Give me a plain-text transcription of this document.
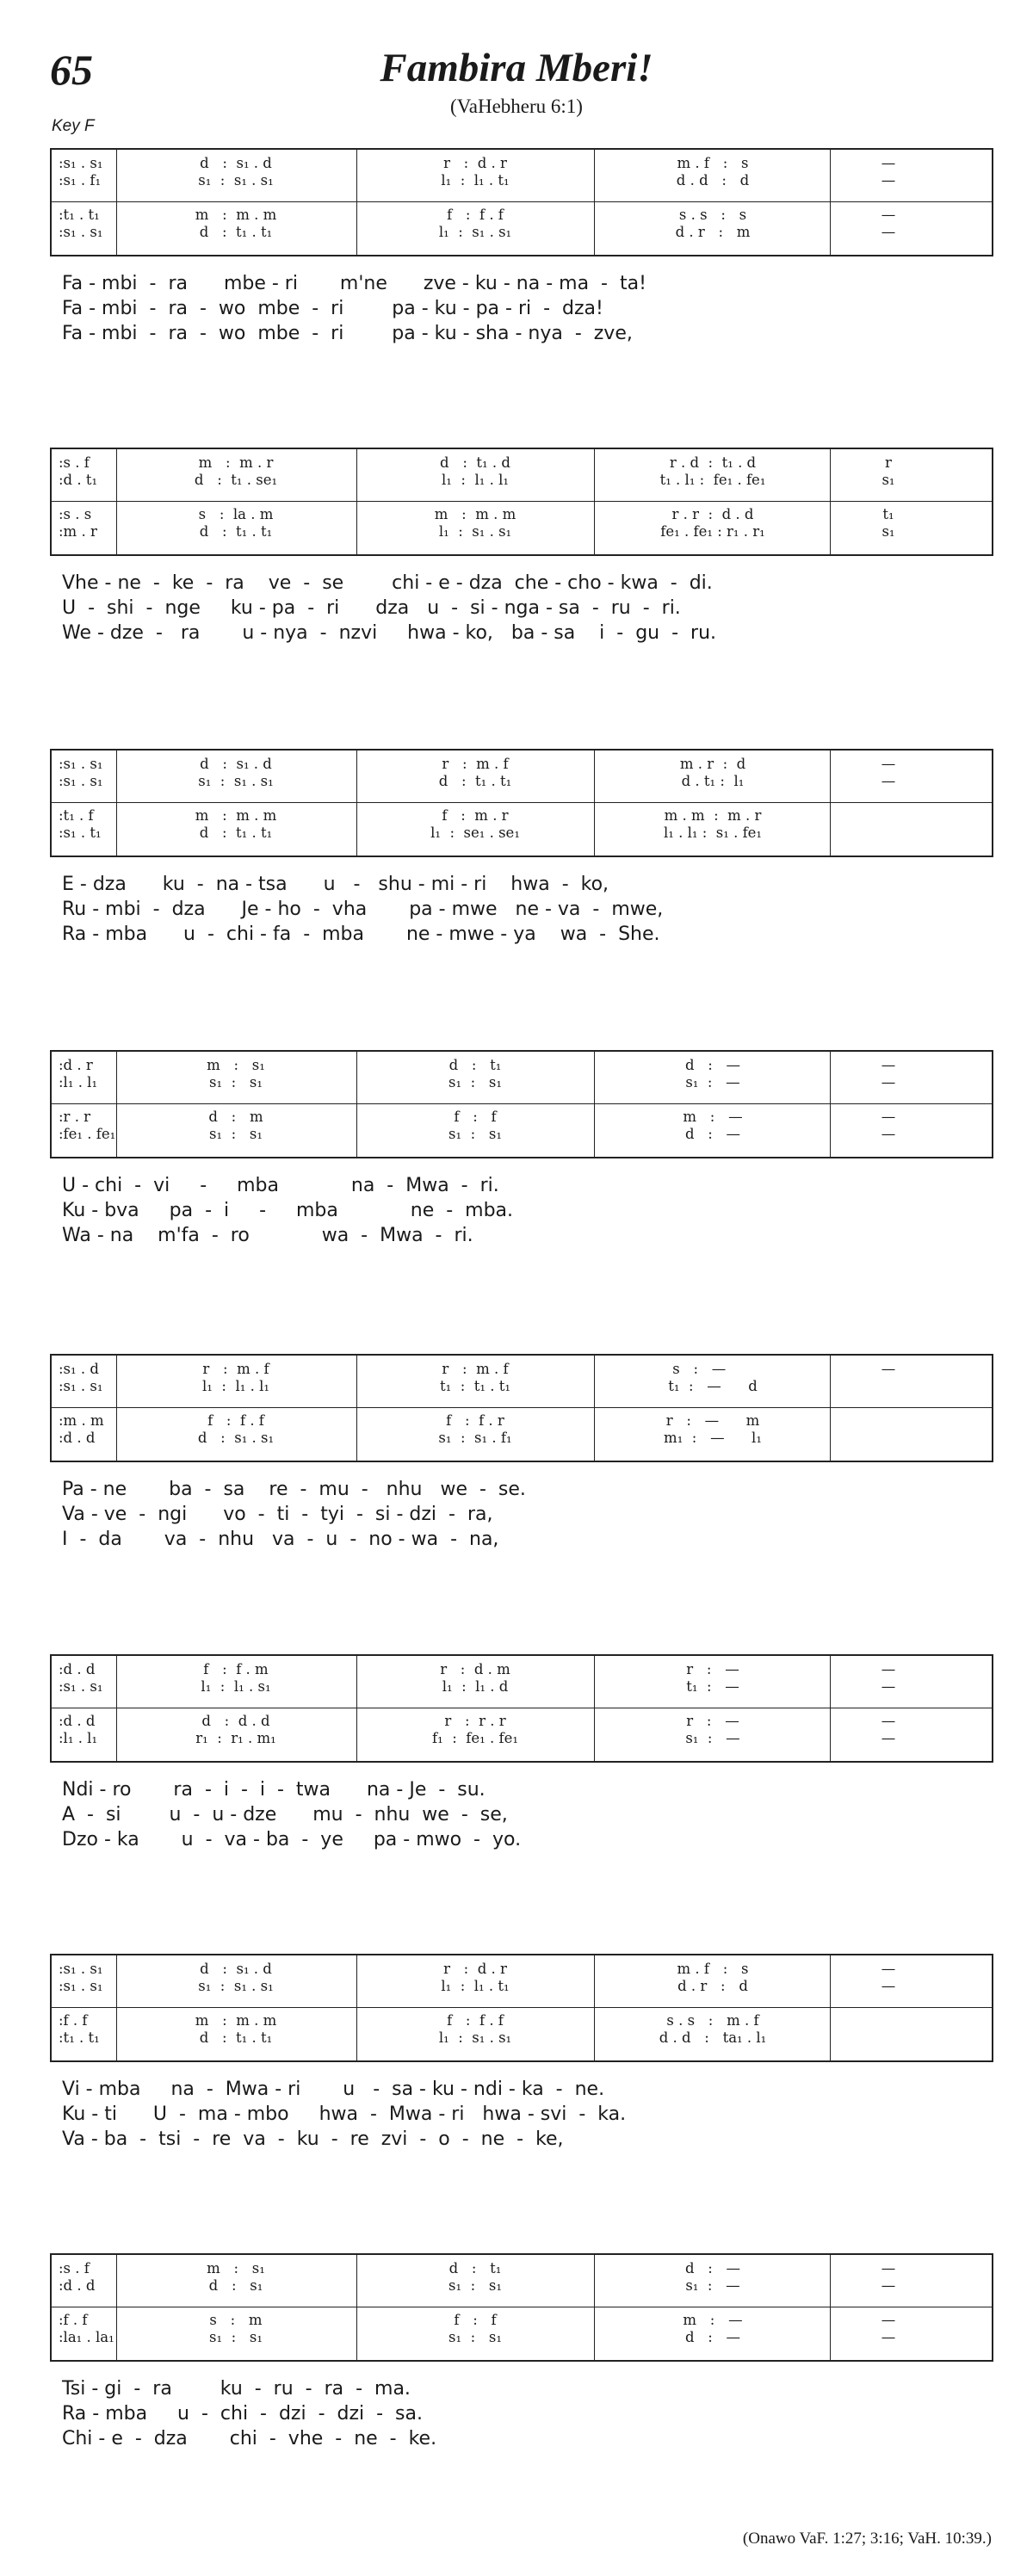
65	Fambira Mberi!
(VaHebheru 6:1)
Key F
:s₁ . s₁
:s₁ . f₁

:t₁ . t₁
:s₁ . s₁
d   :  s₁ . d
s₁  :  s₁ . s₁

m   :  m . m
d   :  t₁ . t₁
r   :  d . r
l₁  :  l₁ . t₁

f   :  f . f
l₁  :  s₁ . s₁
m . f   :   s
d . d   :   d

s . s   :   s
d . r   :   m
—
—

—
—
Fa - mbi  -  ra      mbe - ri       m'ne      zve - ku - na - ma  -  ta!
Fa - mbi  -  ra  -  wo  mbe  -  ri        pa - ku - pa - ri  -  dza!
Fa - mbi  -  ra  -  wo  mbe  -  ri        pa - ku - sha - nya  -  zve,
:s . f
:d . t₁

:s . s
:m . r
m   :  m . r
d   :  t₁ . se₁

s   :  la . m
d   :  t₁ . t₁
d   :  t₁ . d
l₁  :  l₁ . l₁

m   :  m . m
l₁  :  s₁ . s₁
r . d  :  t₁ . d
t₁ . l₁ :  fe₁ . fe₁

r . r  :  d . d
fe₁ . fe₁ : r₁ . r₁
r
s₁

t₁
s₁
Vhe - ne  -  ke  -  ra    ve  -  se        chi - e - dza  che - cho - kwa  -  di.
U  -  shi  -  nge     ku - pa  -  ri      dza   u  -  si - nga - sa  -  ru  -  ri.
We - dze  -   ra       u - nya  -  nzvi     hwa - ko,   ba - sa    i  -  gu  -  ru.
:s₁ . s₁
:s₁ . s₁

:t₁ . f
:s₁ . t₁
d   :  s₁ . d
s₁  :  s₁ . s₁

m   :  m . m
d   :  t₁ . t₁
r   :  m . f
d   :  t₁ . t₁

f   :  m . r
l₁  :  se₁ . se₁
m . r  :  d
d . t₁ :  l₁

m . m  :  m . r
l₁ . l₁ :  s₁ . fe₁
—
—

E - dza      ku  -  na - tsa      u   -   shu - mi - ri    hwa  -  ko,
Ru - mbi  -  dza      Je - ho  -  vha       pa - mwe   ne - va  -  mwe,
Ra - mba      u  -  chi - fa  -  mba       ne - mwe - ya    wa  -  She.
:d . r
:l₁ . l₁

:r . r
:fe₁ . fe₁
m   :   s₁
s₁  :   s₁

d   :   m
s₁  :   s₁
d   :   t₁
s₁  :   s₁

f   :   f
s₁  :   s₁
d   :   —
s₁  :   —

m   :   —
d   :   —
—
—

—
—
U - chi  -  vi     -     mba            na  -  Mwa  -  ri.
Ku - bva     pa  -  i     -     mba            ne  -  mba.
Wa - na    m'fa  -  ro            wa  -  Mwa  -  ri.
:s₁ . d
:s₁ . s₁

:m . m
:d . d
r   :  m . f
l₁  :  l₁ . l₁

f   :  f . f
d   :  s₁ . s₁
r   :  m . f
t₁  :  t₁ . t₁

f   :  f . r
s₁  :  s₁ . f₁
s   :   —
t₁  :   —      d

r   :   —      m
m₁  :   —      l₁
—

Pa - ne       ba  -  sa    re  -  mu  -   nhu   we  -  se.
Va - ve  -  ngi      vo  -  ti  -  tyi  -  si - dzi  -  ra,
I  -  da       va  -  nhu   va  -  u  -  no - wa  -  na,
:d . d
:s₁ . s₁

:d . d
:l₁ . l₁
f   :  f . m
l₁  :  l₁ . s₁

d   :  d . d
r₁  :  r₁ . m₁
r   :  d . m
l₁  :  l₁ . d

r   :  r . r
f₁  :  fe₁ . fe₁
r   :   —
t₁  :   —

r   :   —
s₁  :   —
—
—

—
—
Ndi - ro       ra  -  i  -  i  -  twa      na - Je  -  su.
A  -  si        u  -  u - dze      mu  -  nhu  we  -  se,
Dzo - ka       u  -  va - ba  -  ye     pa - mwo  -  yo.
:s₁ . s₁
:s₁ . s₁

:f . f
:t₁ . t₁
d   :  s₁ . d
s₁  :  s₁ . s₁

m   :  m . m
d   :  t₁ . t₁
r   :  d . r
l₁  :  l₁ . t₁

f   :  f . f
l₁  :  s₁ . s₁
m . f   :   s
d . r   :   d

s . s   :   m . f
d . d   :   ta₁ . l₁
—
—

Vi - mba     na  -  Mwa - ri       u   -  sa - ku - ndi - ka  -  ne.
Ku - ti      U  -  ma - mbo     hwa  -  Mwa - ri   hwa - svi  -  ka.
Va - ba  -  tsi  -  re  va  -  ku  -  re  zvi  -  o  -  ne  -  ke,
:s . f
:d . d

:f . f
:la₁ . la₁
m   :   s₁
d   :   s₁

s   :   m
s₁  :   s₁
d   :   t₁
s₁  :   s₁

f   :   f
s₁  :   s₁
d   :   —
s₁  :   —

m   :   —
d   :   —
—
—

—
—
Tsi - gi  -  ra        ku  -  ru  -  ra  -  ma.
Ra - mba     u  -  chi  -  dzi  -  dzi  -  sa.
Chi - e  -  dza       chi  -  vhe  -  ne  -  ke.
(Onawo VaF. 1:27; 3:16; VaH. 10:39.)
